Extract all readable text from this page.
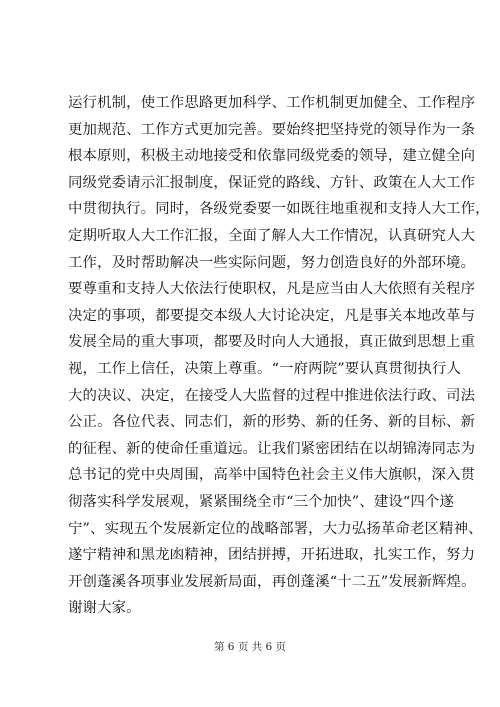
运行机制，使工作思路更加科学、工作机制更加健全、工作程序
更加规范、工作方式更加完善。要始终把坚持党的领导作为一条
根本原则，积极主动地接受和依靠同级党委的领导，建立健全向
同级党委请示汇报制度，保证党的路线、方针、政策在人大工作
中贯彻执行。同时，各级党委要一如既往地重视和支持人大工作，
定期听取人大工作汇报，全面了解人大工作情况，认真研究人大
工作，及时帮助解决一些实际问题，努力创造良好的外部环境。
要尊重和支持人大依法行使职权，凡是应当由人大依照有关程序
决定的事项，都要提交本级人大讨论决定，凡是事关本地改革与
发展全局的重大事项，都要及时向人大通报，真正做到思想上重
视，工作上信任，决策上尊重。“一府两院”要认真贯彻执行人
大的决议、决定，在接受人大监督的过程中推进依法行政、司法
公正。各位代表、同志们，新的形势、新的任务、新的目标、新
的征程、新的使命任重道远。让我们紧密团结在以胡锦涛同志为
总书记的党中央周围，高举中国特色社会主义伟大旗帜，深入贯
彻落实科学发展观，紧紧围绕全市“三个加快”、建设“四个遂
宁”、实现五个发展新定位的战略部署，大力弘扬革命老区精神、
遂宁精神和黑龙凼精神，团结拼搏，开拓进取，扎实工作，努力
开创蓬溪各项事业发展新局面，再创蓬溪“十二五”发展新辉煌。
谢谢大家。
第 6 页 共 6 页
